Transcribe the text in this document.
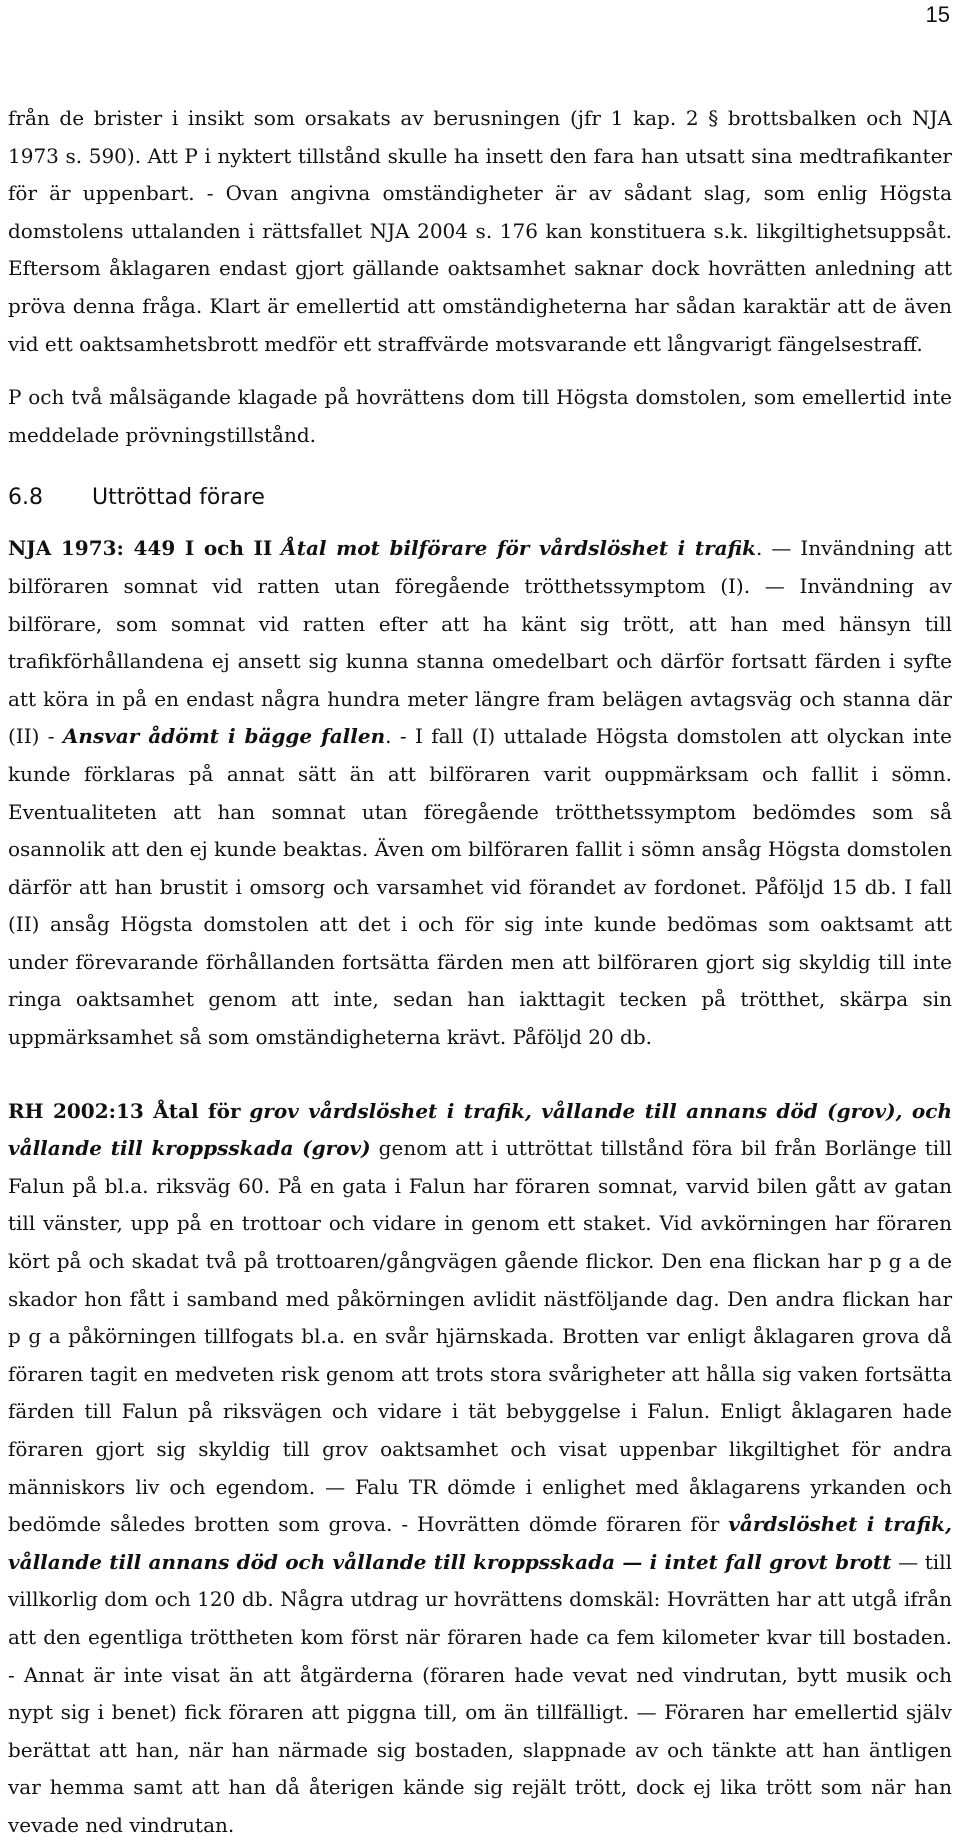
15

från de brister i insikt som orsakats av berusningen (jfr 1 kap. 2 § brottsbalken och NJA 1973 s. 590). Att P i nyktert tillstånd skulle ha insett den fara han utsatt sina medtrafikanter för är uppenbart. - Ovan angivna omständigheter är av sådant slag, som enlig Högsta domstolens uttalanden i rättsfallet NJA 2004 s. 176 kan konstituera s.k. likgiltighetsuppsåt. Eftersom åklagaren endast gjort gällande oaktsamhet saknar dock hovrätten anledning att pröva denna fråga. Klart är emellertid att omständigheterna har sådan karaktär att de även vid ett oaktsamhetsbrott medför ett straffvärde motsvarande ett långvarigt fängelsestraff.

P och två målsägande klagade på hovrättens dom till Högsta domstolen, som emellertid inte meddelade prövningstillstånd.

6.8 Uttröttad förare

NJA 1973: 449 I och II Åtal mot bilförare för vårdslöshet i trafik. — Invändning att bilföraren somnat vid ratten utan föregående trötthetssymptom (I). — Invändning av bilförare, som somnat vid ratten efter att ha känt sig trött, att han med hänsyn till trafikförhållandena ej ansett sig kunna stanna omedelbart och därför fortsatt färden i syfte att köra in på en endast några hundra meter längre fram belägen avtagsväg och stanna där (II) - Ansvar ådömt i bägge fallen. - I fall (I) uttalade Högsta domstolen att olyckan inte kunde förklaras på annat sätt än att bilföraren varit ouppmärksam och fallit i sömn. Eventualiteten att han somnat utan föregående trötthetssymptom bedömdes som så osannolik att den ej kunde beaktas. Även om bilföraren fallit i sömn ansåg Högsta domstolen därför att han brustit i omsorg och varsamhet vid förandet av fordonet. Påföljd 15 db. I fall (II) ansåg Högsta domstolen att det i och för sig inte kunde bedömas som oaktsamt att under förevarande förhållanden fortsätta färden men att bilföraren gjort sig skyldig till inte ringa oaktsamhet genom att inte, sedan han iakttagit tecken på trötthet, skärpa sin uppmärksamhet så som omständigheterna krävt. Påföljd 20 db.

RH 2002:13 Åtal för grov vårdslöshet i trafik, vållande till annans död (grov), och vållande till kroppsskada (grov) genom att i uttröttat tillstånd föra bil från Borlänge till Falun på bl.a. riksväg 60. På en gata i Falun har föraren somnat, varvid bilen gått av gatan till vänster, upp på en trottoar och vidare in genom ett staket. Vid avkörningen har föraren kört på och skadat två på trottoaren/gångvägen gående flickor. Den ena flickan har p g a de skador hon fått i samband med påkörningen avlidit nästföljande dag. Den andra flickan har p g a påkörningen tillfogats bl.a. en svår hjärnskada. Brotten var enligt åklagaren grova då föraren tagit en medveten risk genom att trots stora svårigheter att hålla sig vaken fortsätta färden till Falun på riksvägen och vidare i tät bebyggelse i Falun. Enligt åklagaren hade föraren gjort sig skyldig till grov oaktsamhet och visat uppenbar likgiltighet för andra människors liv och egendom. — Falu TR dömde i enlighet med åklagarens yrkanden och bedömde således brotten som grova. - Hovrätten dömde föraren för vårdslöshet i trafik, vållande till annans död och vållande till kroppsskada — i intet fall grovt brott — till villkorlig dom och 120 db. Några utdrag ur hovrättens domskäl: Hovrätten har att utgå ifrån att den egentliga tröttheten kom först när föraren hade ca fem kilometer kvar till bostaden. - Annat är inte visat än att åtgärderna (föraren hade vevat ned vindrutan, bytt musik och nypt sig i benet) fick föraren att piggna till, om än tillfälligt. — Föraren har emellertid själv berättat att han, när han närmade sig bostaden, slappnade av och tänkte att han äntligen var hemma samt att han då återigen kände sig rejält trött, dock ej lika trött som när han vevade ned vindrutan.
